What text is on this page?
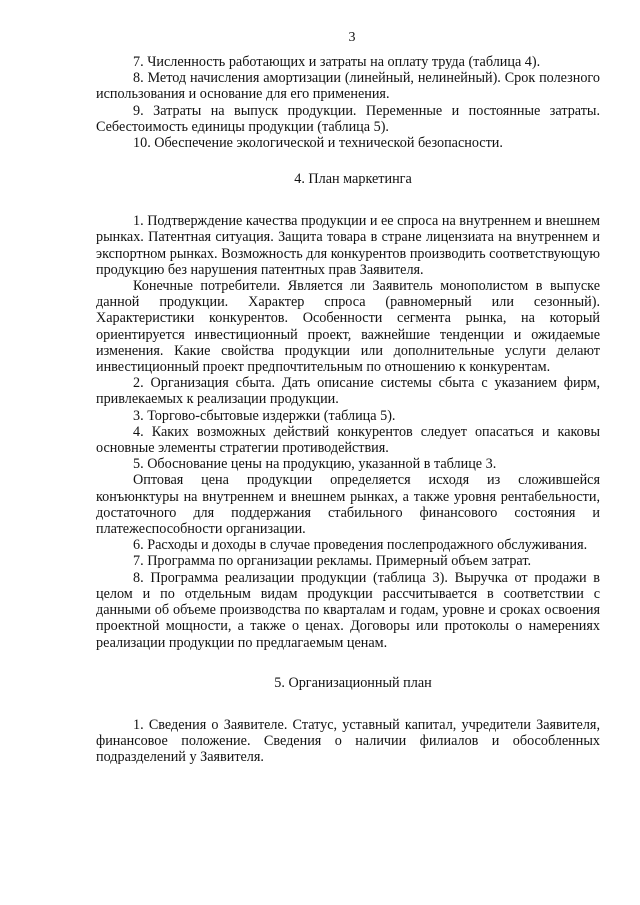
3

7. Численность работающих и затраты на оплату труда (таблица 4).

8. Метод начисления амортизации (линейный, нелинейный). Срок полезного использования и основание для его применения.

9. Затраты на выпуск продукции. Переменные и постоянные затраты. Себестоимость единицы продукции (таблица 5).

10. Обеспечение экологической и технической безопасности.

4. План маркетинга

1. Подтверждение качества продукции и ее спроса на внутреннем и внешнем рынках. Патентная ситуация. Защита товара в стране лицензиата на внутреннем и экспортном рынках. Возможность для конкурентов производить соответствующую продукцию без нарушения патентных прав Заявителя.

Конечные потребители. Является ли Заявитель монополистом в выпуске данной продукции. Характер спроса (равномерный или сезонный). Характеристики конкурентов. Особенности сегмента рынка, на который ориентируется инвестиционный проект, важнейшие тенденции и ожидаемые изменения. Какие свойства продукции или дополнительные услуги делают инвестиционный проект предпочтительным по отношению к конкурентам.

2. Организация сбыта. Дать описание системы сбыта с указанием фирм, привлекаемых к реализации продукции.

3. Торгово-сбытовые издержки (таблица 5).

4. Каких возможных действий конкурентов следует опасаться и каковы основные элементы стратегии противодействия.

5. Обоснование цены на продукцию, указанной в таблице 3.

Оптовая цена продукции определяется исходя из сложившейся конъюнктуры на внутреннем и внешнем рынках, а также уровня рентабельности, достаточного для поддержания стабильного финансового состояния и платежеспособности организации.

6. Расходы и доходы в случае проведения послепродажного обслуживания.

7. Программа по организации рекламы. Примерный объем затрат.

8. Программа реализации продукции (таблица 3). Выручка от продажи в целом и по отдельным видам продукции рассчитывается в соответствии с данными об объеме производства по кварталам и годам, уровне и сроках освоения проектной мощности, а также о ценах. Договоры или протоколы о намерениях реализации продукции по предлагаемым ценам.

5. Организационный план

1. Сведения о Заявителе. Статус, уставный капитал, учредители Заявителя, финансовое положение. Сведения о наличии филиалов и обособленных подразделений у Заявителя.
